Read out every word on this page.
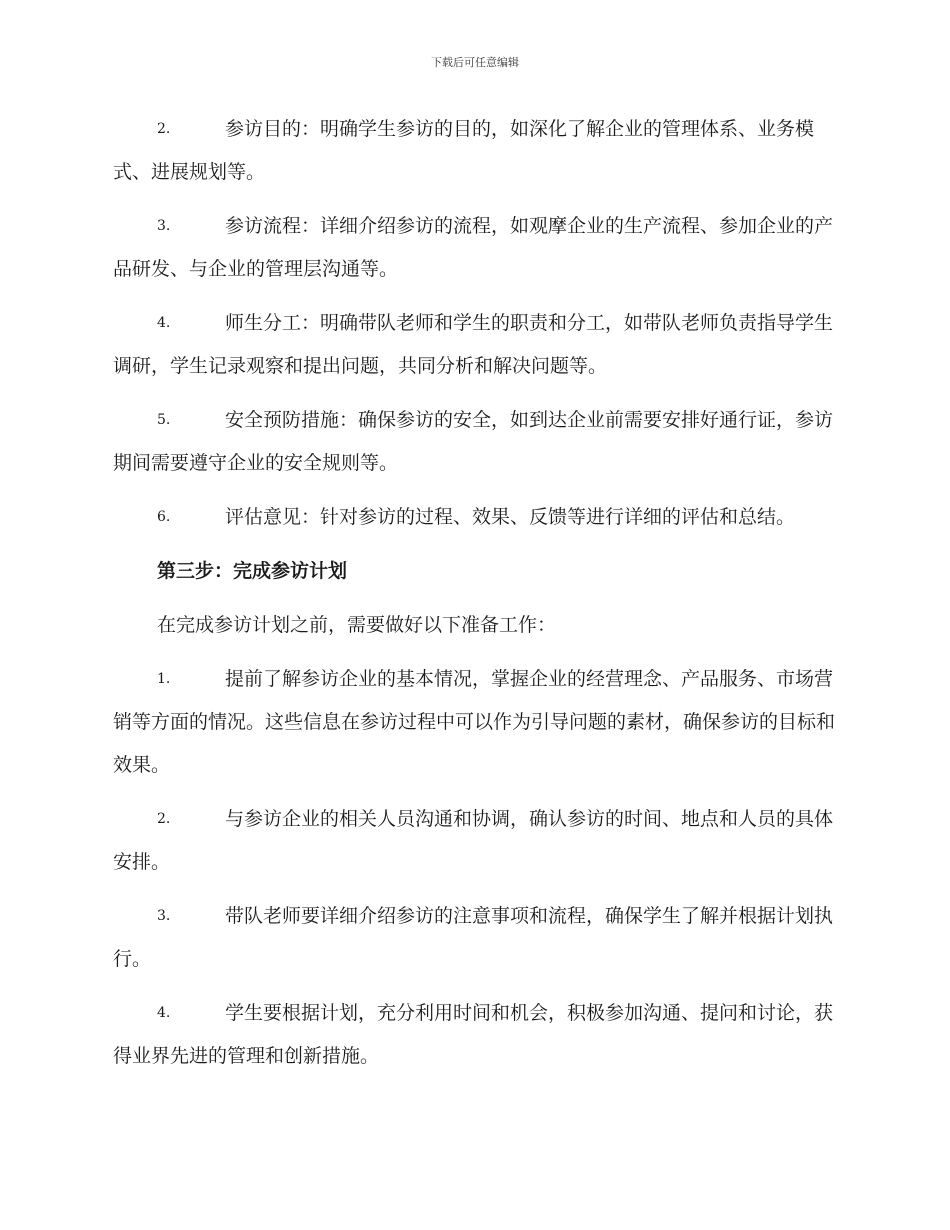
下载后可任意编辑

2.	参访目的：明确学生参访的目的，如深化了解企业的管理体系、业务模式、进展规划等。

3.	参访流程：详细介绍参访的流程，如观摩企业的生产流程、参加企业的产品研发、与企业的管理层沟通等。

4.	师生分工：明确带队老师和学生的职责和分工，如带队老师负责指导学生调研，学生记录观察和提出问题，共同分析和解决问题等。

5.	安全预防措施：确保参访的安全，如到达企业前需要安排好通行证，参访期间需要遵守企业的安全规则等。

6.	评估意见：针对参访的过程、效果、反馈等进行详细的评估和总结。

第三步：完成参访计划

在完成参访计划之前，需要做好以下准备工作：

1.	提前了解参访企业的基本情况，掌握企业的经营理念、产品服务、市场营销等方面的情况。这些信息在参访过程中可以作为引导问题的素材，确保参访的目标和效果。

2.	与参访企业的相关人员沟通和协调，确认参访的时间、地点和人员的具体安排。

3.	带队老师要详细介绍参访的注意事项和流程，确保学生了解并根据计划执行。

4.	学生要根据计划，充分利用时间和机会，积极参加沟通、提问和讨论，获得业界先进的管理和创新措施。
